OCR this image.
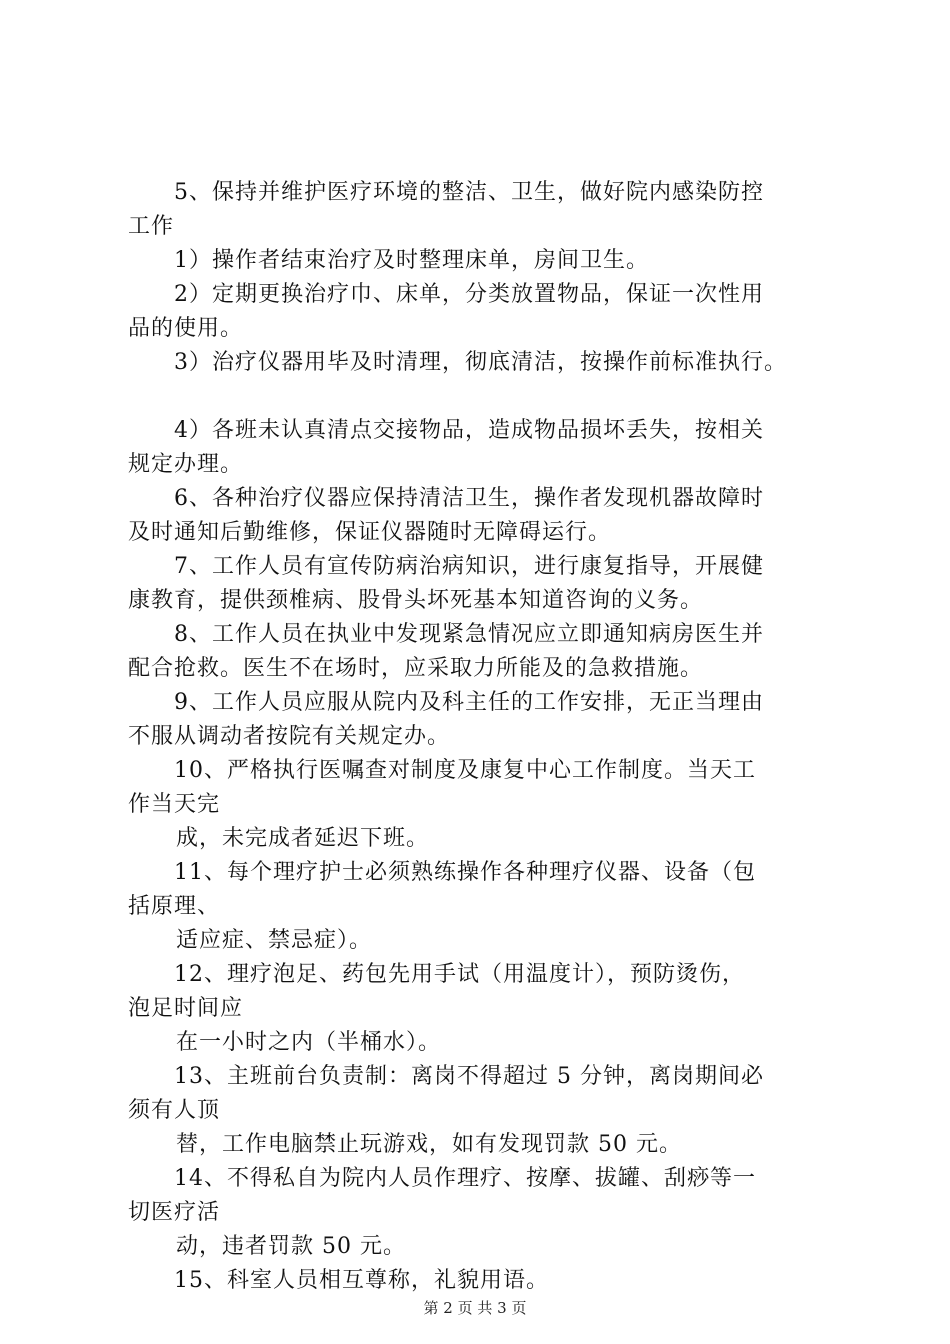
5、保持并维护医疗环境的整洁、卫生，做好院内感染防控
工作
1）操作者结束治疗及时整理床单，房间卫生。
2）定期更换治疗巾、床单，分类放置物品，保证一次性用
品的使用。
3）治疗仪器用毕及时清理，彻底清洁，按操作前标准执行。
4）各班未认真清点交接物品，造成物品损坏丢失，按相关
规定办理。
6、各种治疗仪器应保持清洁卫生，操作者发现机器故障时
及时通知后勤维修，保证仪器随时无障碍运行。
7、工作人员有宣传防病治病知识，进行康复指导，开展健
康教育，提供颈椎病、股骨头坏死基本知道咨询的义务。
8、工作人员在执业中发现紧急情况应立即通知病房医生并
配合抢救。医生不在场时，应采取力所能及的急救措施。
9、工作人员应服从院内及科主任的工作安排，无正当理由
不服从调动者按院有关规定办。
10、严格执行医嘱查对制度及康复中心工作制度。当天工
作当天完
成，未完成者延迟下班。
11、每个理疗护士必须熟练操作各种理疗仪器、设备（包
括原理、
适应症、禁忌症）。
12、理疗泡足、药包先用手试（用温度计），预防烫伤，
泡足时间应
在一小时之内（半桶水）。
13、主班前台负责制：离岗不得超过 5 分钟，离岗期间必
须有人顶
替，工作电脑禁止玩游戏，如有发现罚款 50 元。
14、不得私自为院内人员作理疗、按摩、拔罐、刮痧等一
切医疗活
动，违者罚款 50 元。
15、科室人员相互尊称，礼貌用语。
第 2 页 共 3 页
